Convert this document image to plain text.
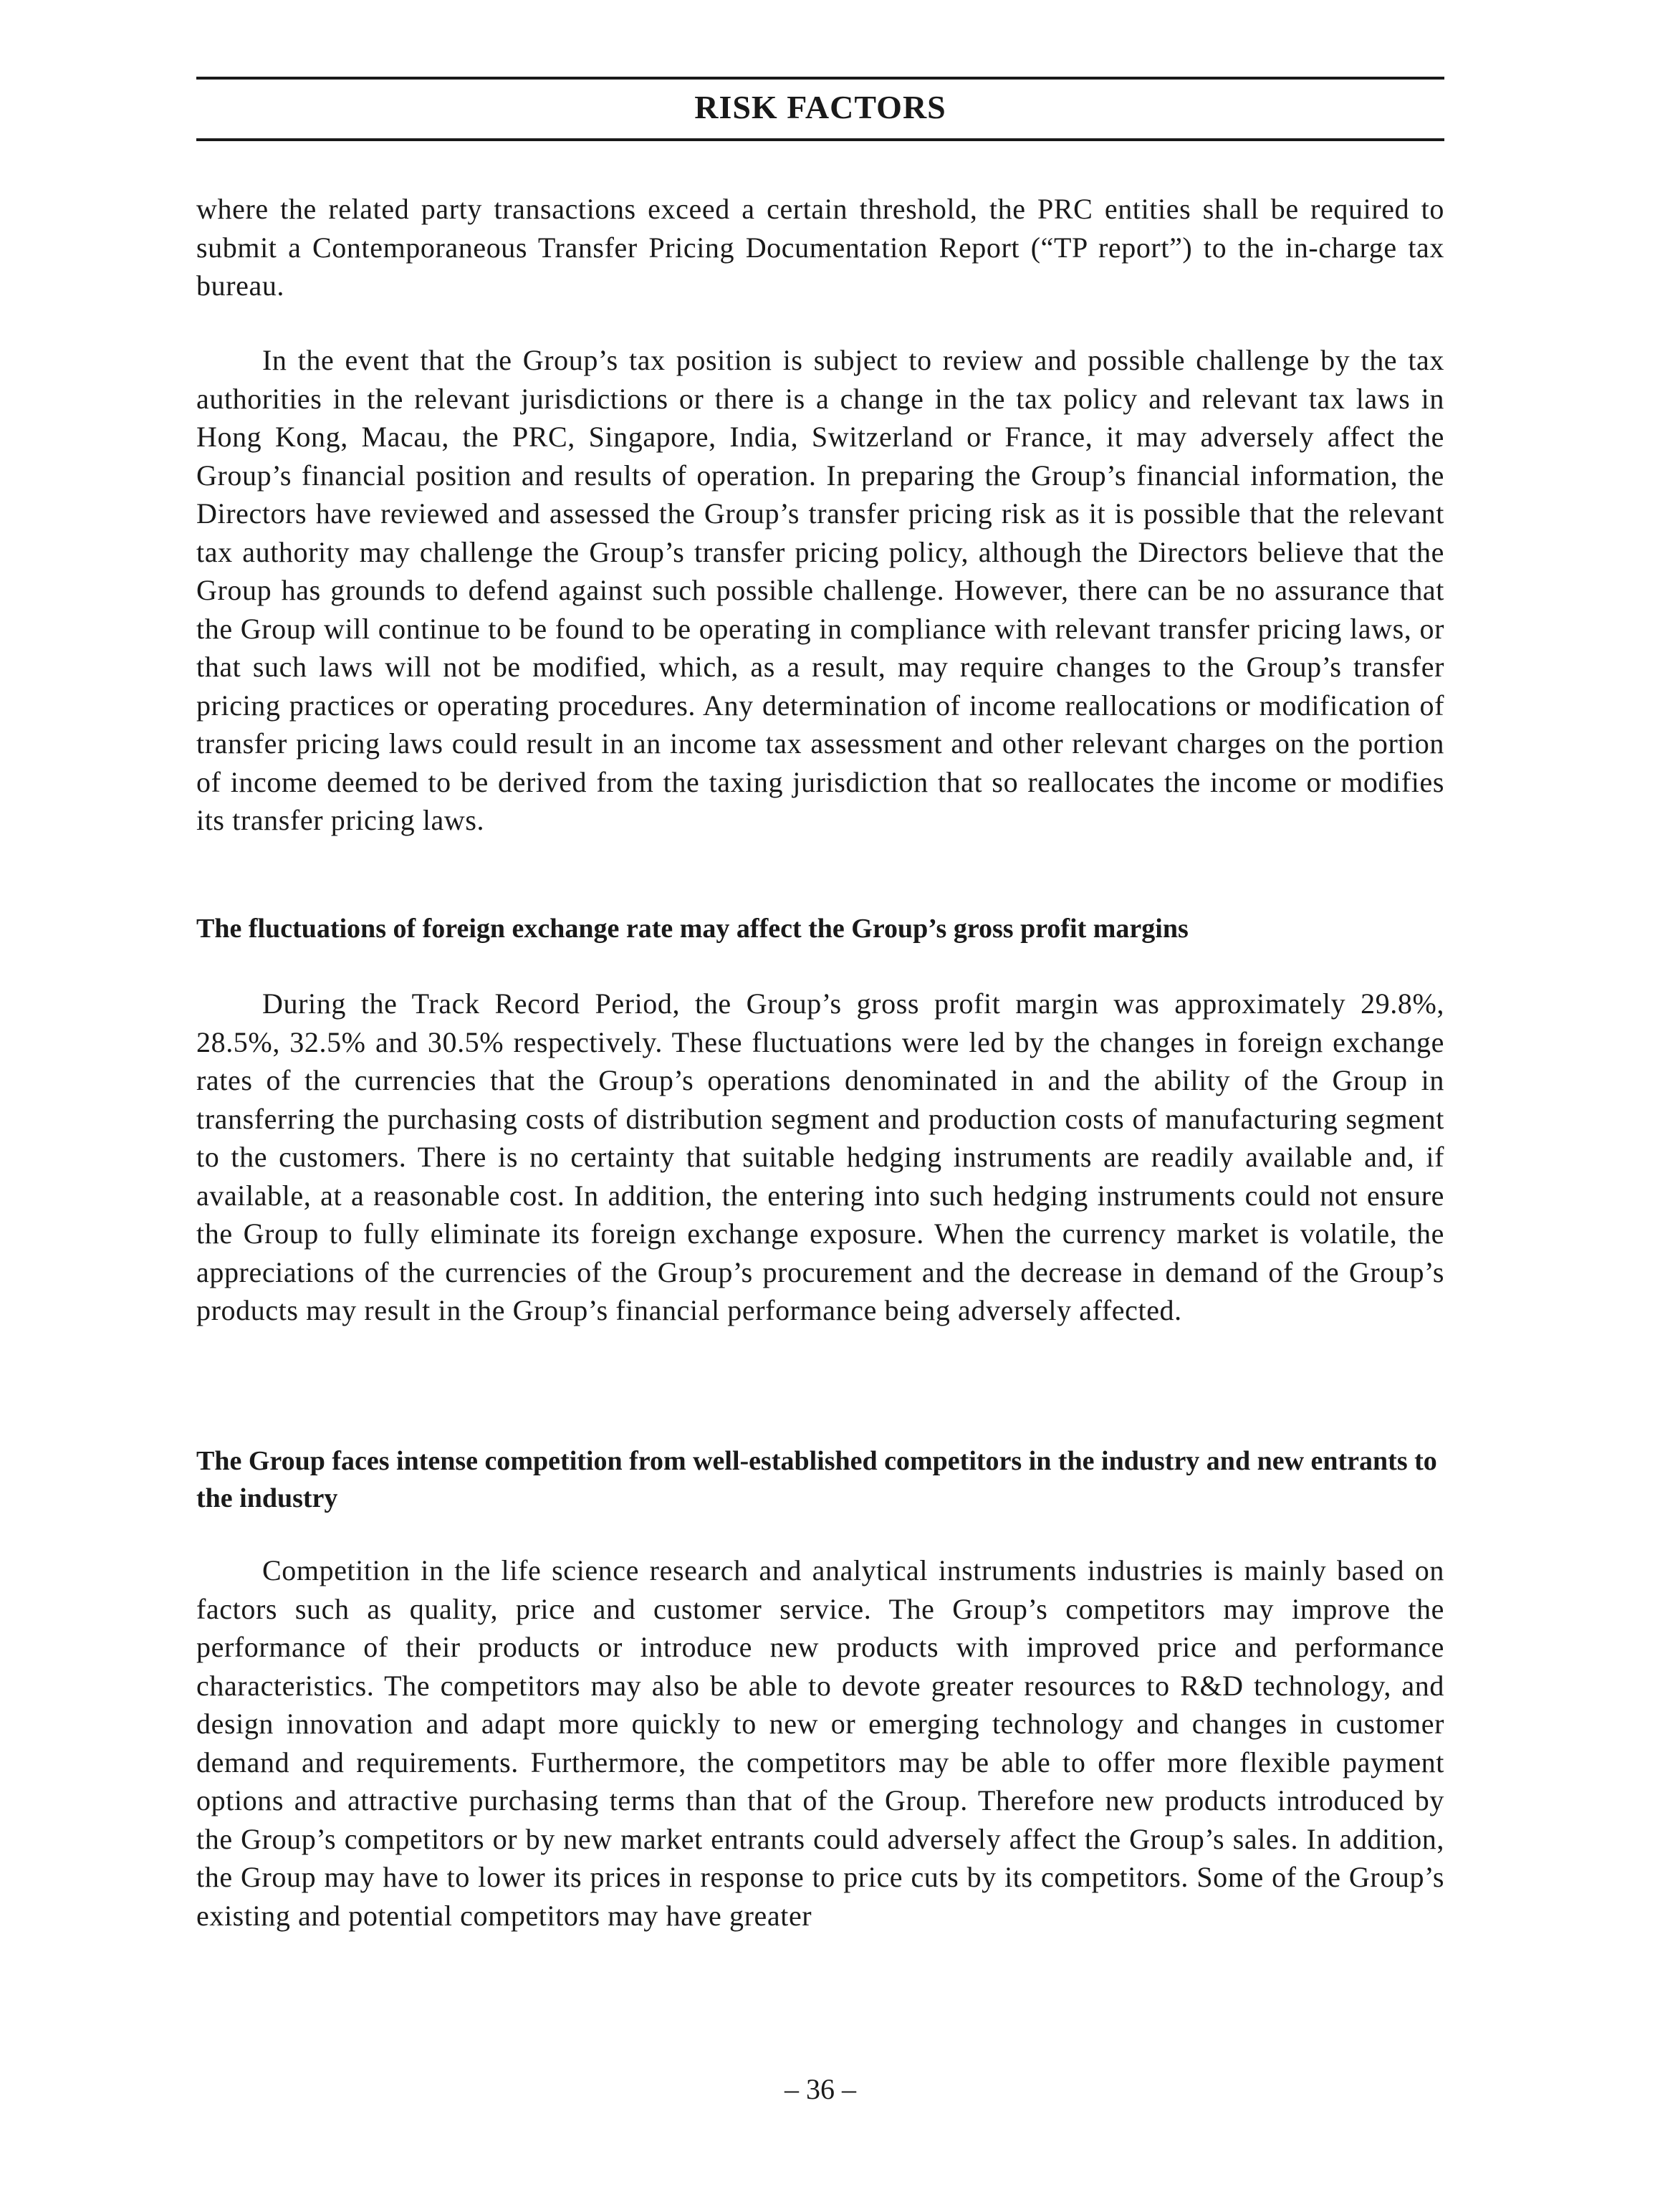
RISK FACTORS

where the related party transactions exceed a certain threshold, the PRC entities shall be required to submit a Contemporaneous Transfer Pricing Documentation Report (“TP report”) to the in-charge tax bureau.

In the event that the Group’s tax position is subject to review and possible challenge by the tax authorities in the relevant jurisdictions or there is a change in the tax policy and relevant tax laws in Hong Kong, Macau, the PRC, Singapore, India, Switzerland or France, it may adversely affect the Group’s financial position and results of operation. In preparing the Group’s financial information, the Directors have reviewed and assessed the Group’s transfer pricing risk as it is possible that the relevant tax authority may challenge the Group’s transfer pricing policy, although the Directors believe that the Group has grounds to defend against such possible challenge. However, there can be no assurance that the Group will continue to be found to be operating in compliance with relevant transfer pricing laws, or that such laws will not be modified, which, as a result, may require changes to the Group’s transfer pricing practices or operating procedures. Any determination of income reallocations or modification of transfer pricing laws could result in an income tax assessment and other relevant charges on the portion of income deemed to be derived from the taxing jurisdiction that so reallocates the income or modifies its transfer pricing laws.

The fluctuations of foreign exchange rate may affect the Group’s gross profit margins

During the Track Record Period, the Group’s gross profit margin was approximately 29.8%, 28.5%, 32.5% and 30.5% respectively. These fluctuations were led by the changes in foreign exchange rates of the currencies that the Group’s operations denominated in and the ability of the Group in transferring the purchasing costs of distribution segment and production costs of manufacturing segment to the customers. There is no certainty that suitable hedging instruments are readily available and, if available, at a reasonable cost. In addition, the entering into such hedging instruments could not ensure the Group to fully eliminate its foreign exchange exposure. When the currency market is volatile, the appreciations of the currencies of the Group’s procurement and the decrease in demand of the Group’s products may result in the Group’s financial performance being adversely affected.

The Group faces intense competition from well-established competitors in the industry and new entrants to the industry

Competition in the life science research and analytical instruments industries is mainly based on factors such as quality, price and customer service. The Group’s competitors may improve the performance of their products or introduce new products with improved price and performance characteristics. The competitors may also be able to devote greater resources to R&D technology, and design innovation and adapt more quickly to new or emerging technology and changes in customer demand and requirements. Furthermore, the competitors may be able to offer more flexible payment options and attractive purchasing terms than that of the Group. Therefore new products introduced by the Group’s competitors or by new market entrants could adversely affect the Group’s sales. In addition, the Group may have to lower its prices in response to price cuts by its competitors. Some of the Group’s existing and potential competitors may have greater

– 36 –
